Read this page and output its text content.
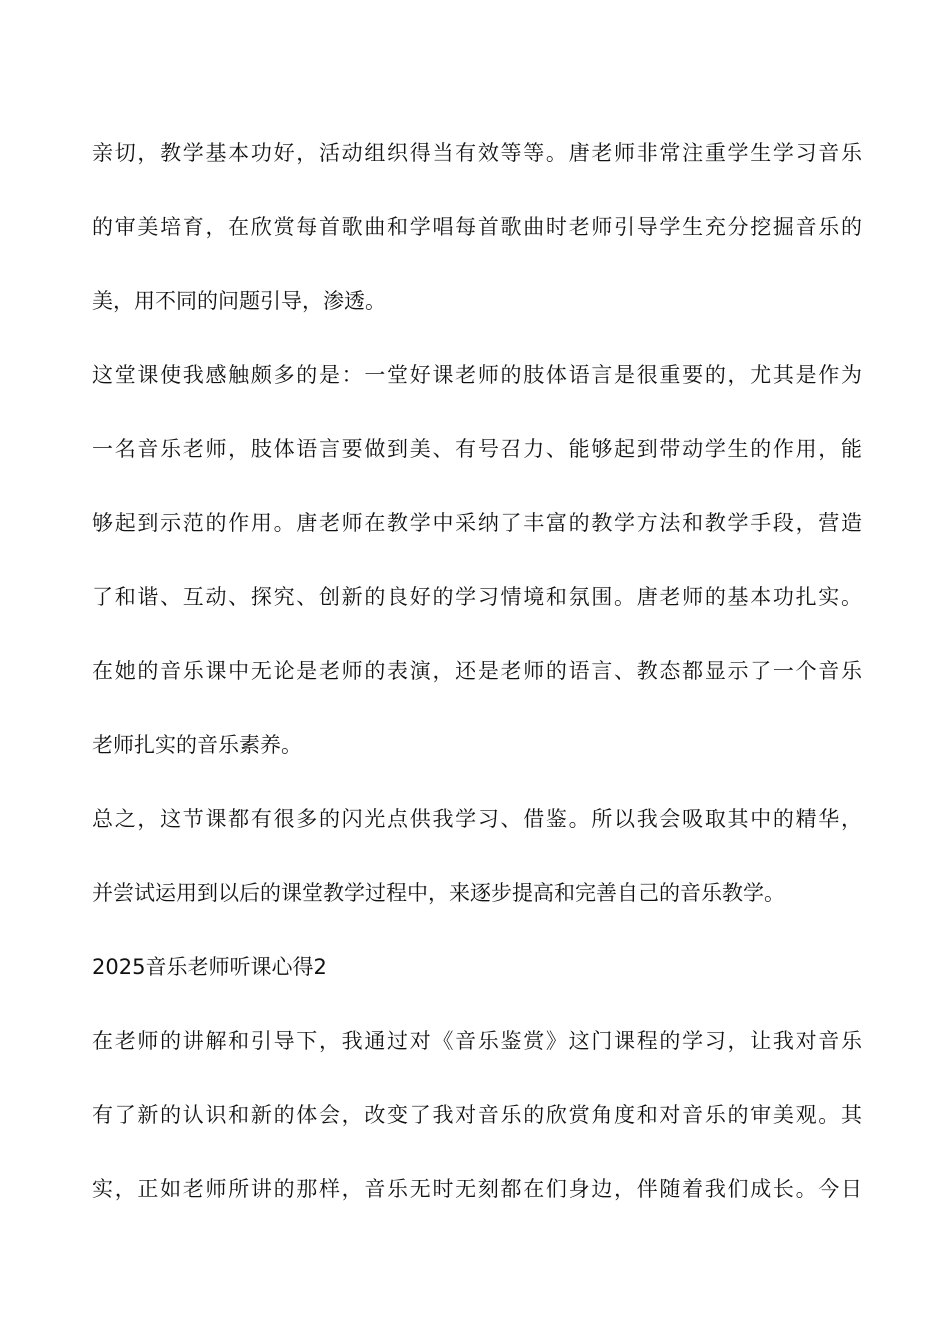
亲切，教学基本功好，活动组织得当有效等等。唐老师非常注重学生学习音乐
的审美培育，在欣赏每首歌曲和学唱每首歌曲时老师引导学生充分挖掘音乐的
美，用不同的问题引导，渗透。
这堂课使我感触颇多的是：一堂好课老师的肢体语言是很重要的，尤其是作为
一名音乐老师，肢体语言要做到美、有号召力、能够起到带动学生的作用，能
够起到示范的作用。唐老师在教学中采纳了丰富的教学方法和教学手段，营造
了和谐、互动、探究、创新的良好的学习情境和氛围。唐老师的基本功扎实。
在她的音乐课中无论是老师的表演，还是老师的语言、教态都显示了一个音乐
老师扎实的音乐素养。
总之，这节课都有很多的闪光点供我学习、借鉴。所以我会吸取其中的精华，
并尝试运用到以后的课堂教学过程中，来逐步提高和完善自己的音乐教学。
2025音乐老师听课心得2
在老师的讲解和引导下，我通过对《音乐鉴赏》这门课程的学习，让我对音乐
有了新的认识和新的体会，改变了我对音乐的欣赏角度和对音乐的审美观。其
实，正如老师所讲的那样，音乐无时无刻都在们身边，伴随着我们成长。今日
